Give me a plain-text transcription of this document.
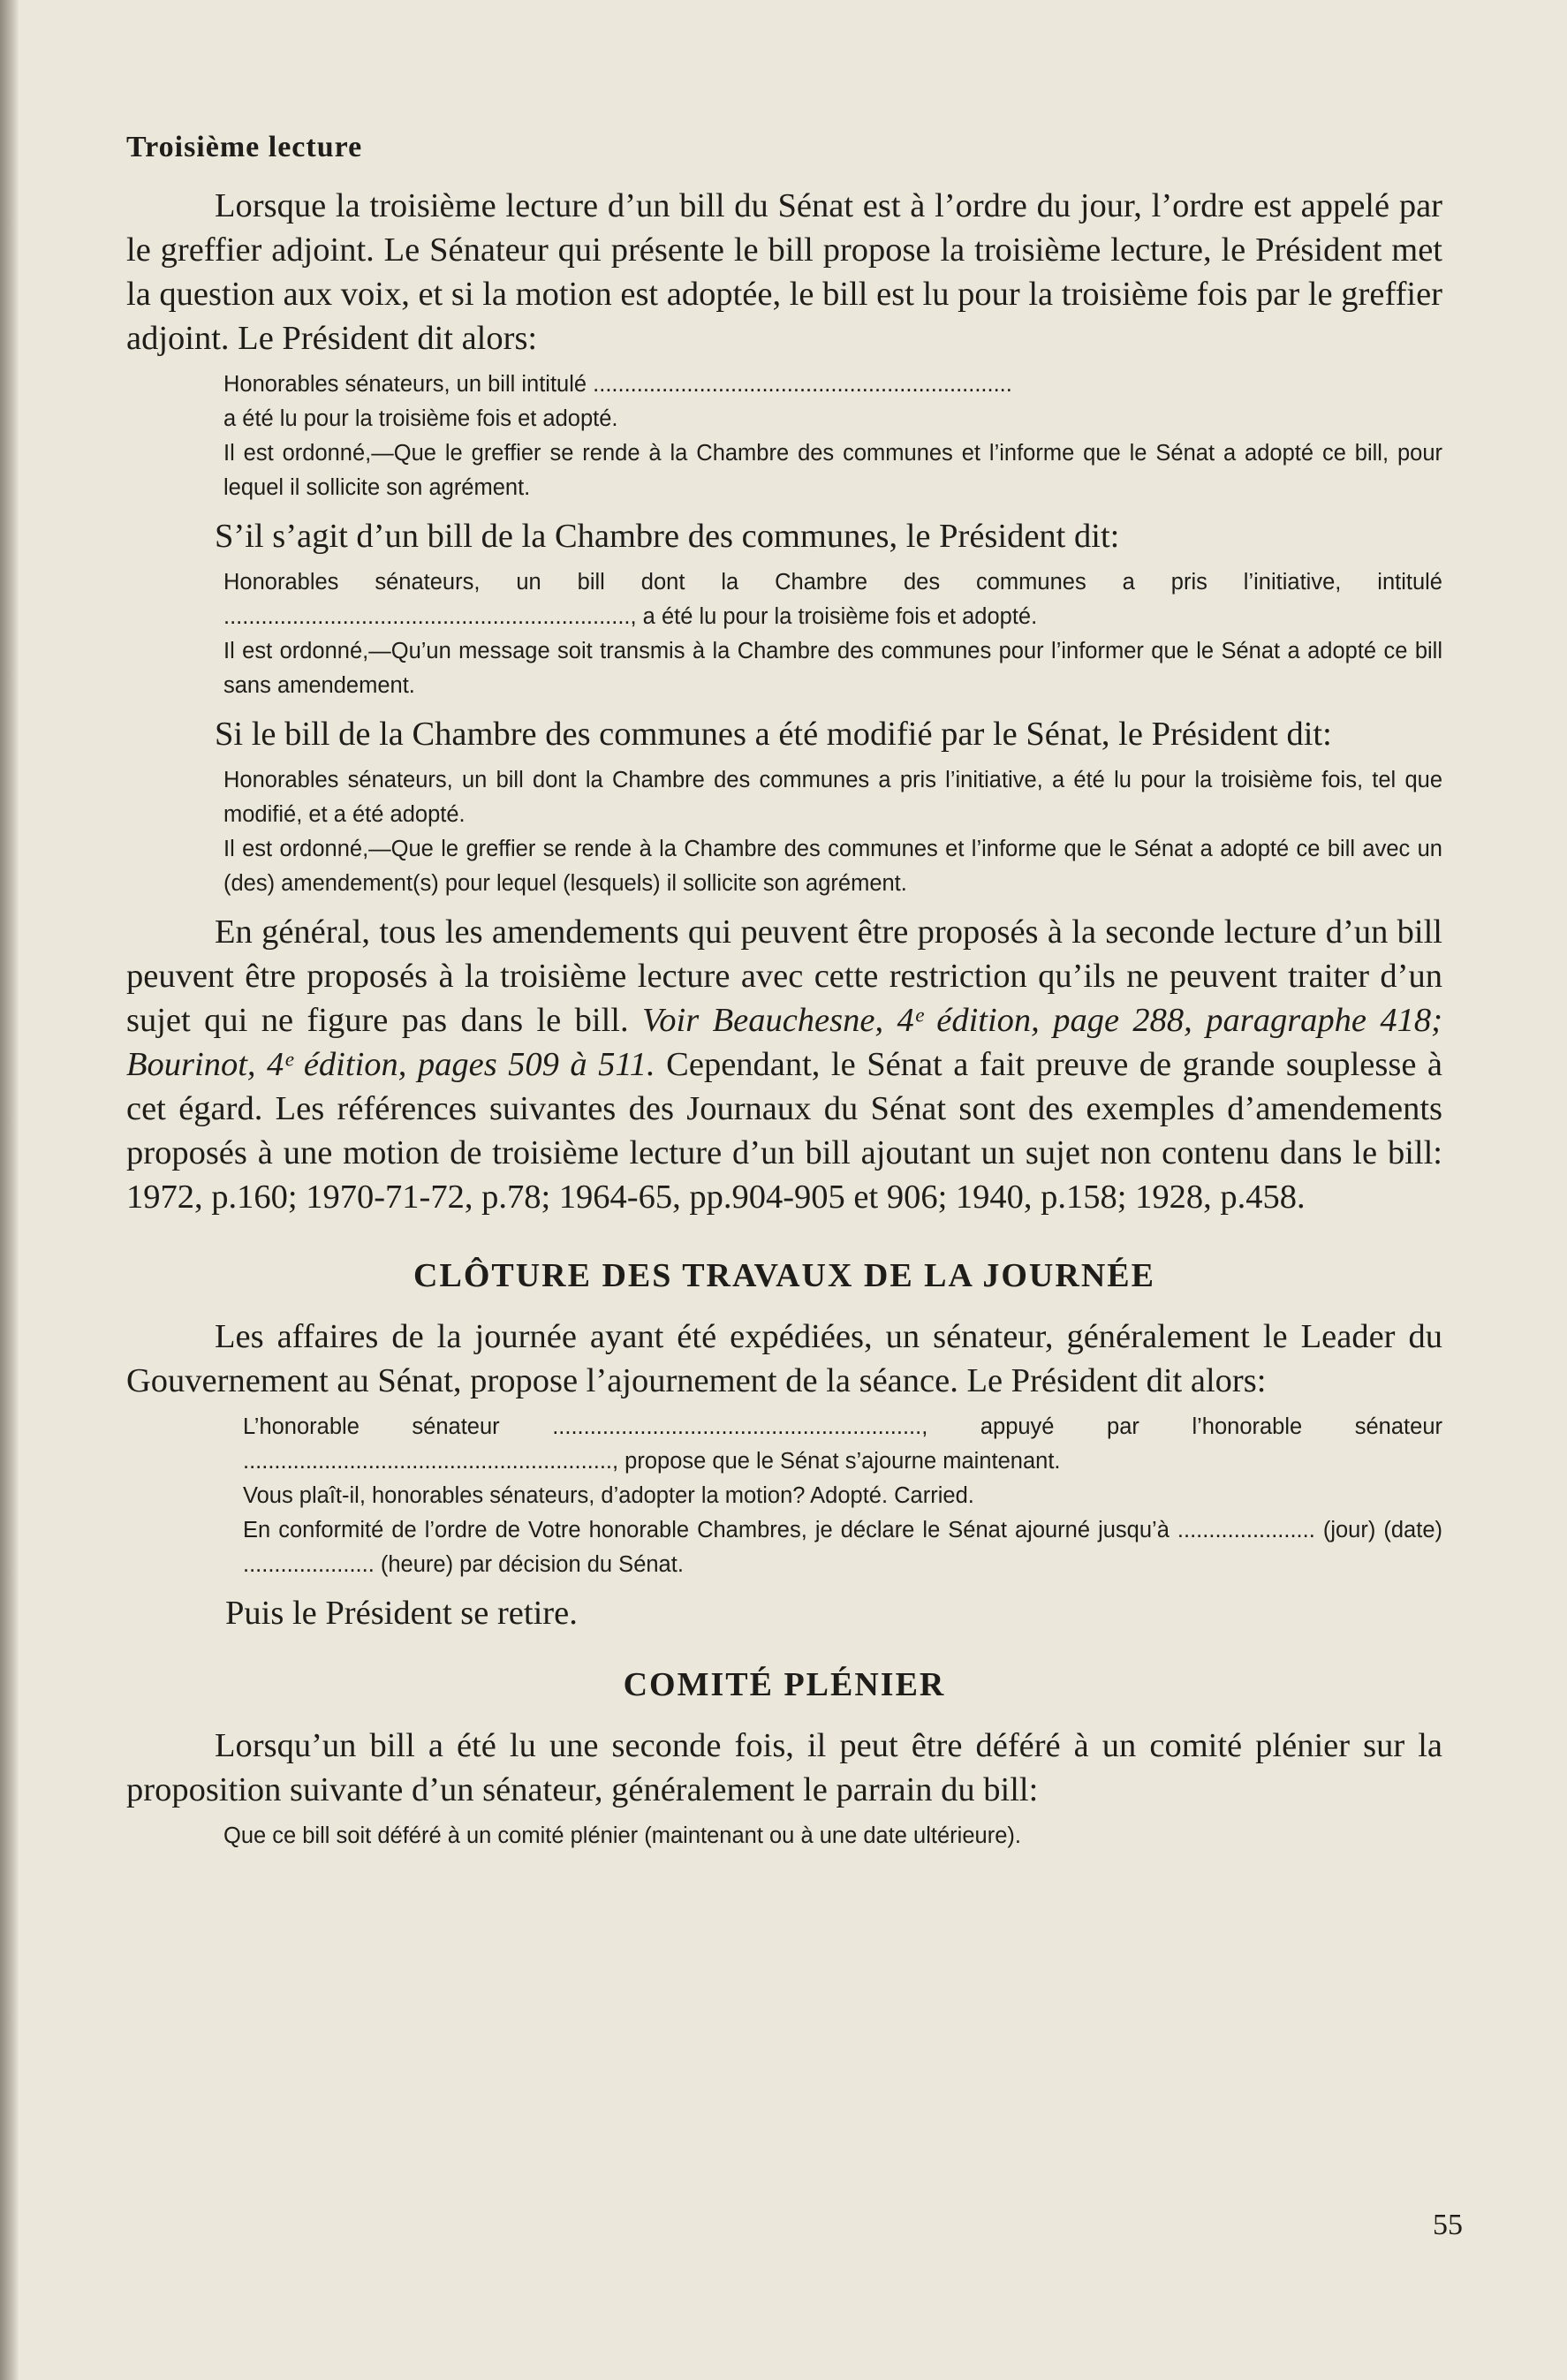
Troisième lecture

Lorsque la troisième lecture d’un bill du Sénat est à l’ordre du jour, l’ordre est appelé par le greffier adjoint. Le Sénateur qui présente le bill propose la troisième lecture, le Président met la question aux voix, et si la motion est adoptée, le bill est lu pour la troisième fois par le greffier adjoint. Le Président dit alors:

Honorables sénateurs, un bill intitulé ...................................................................
a été lu pour la troisième fois et adopté.
Il est ordonné,—Que le greffier se rende à la Chambre des communes et l’informe que le Sénat a adopté ce bill, pour lequel il sollicite son agrément.

S’il s’agit d’un bill de la Chambre des communes, le Président dit:

Honorables sénateurs, un bill dont la Chambre des communes a pris l’initiative, intitulé ................................................................., a été lu pour la troisième fois et adopté.
Il est ordonné,—Qu’un message soit transmis à la Chambre des communes pour l’informer que le Sénat a adopté ce bill sans amendement.

Si le bill de la Chambre des communes a été modifié par le Sénat, le Président dit:

Honorables sénateurs, un bill dont la Chambre des communes a pris l’initiative, a été lu pour la troisième fois, tel que modifié, et a été adopté.
Il est ordonné,—Que le greffier se rende à la Chambre des communes et l’informe que le Sénat a adopté ce bill avec un (des) amendement(s) pour lequel (lesquels) il sollicite son agrément.

En général, tous les amendements qui peuvent être proposés à la seconde lecture d’un bill peuvent être proposés à la troisième lecture avec cette restriction qu’ils ne peuvent traiter d’un sujet qui ne figure pas dans le bill. Voir Beauchesne, 4ᵉ édition, page 288, paragraphe 418; Bourinot, 4ᵉ édition, pages 509 à 511. Cependant, le Sénat a fait preuve de grande souplesse à cet égard. Les références suivantes des Journaux du Sénat sont des exemples d’amendements proposés à une motion de troisième lecture d’un bill ajoutant un sujet non contenu dans le bill: 1972, p.160; 1970-71-72, p.78; 1964-65, pp.904-905 et 906; 1940, p.158; 1928, p.458.

CLÔTURE DES TRAVAUX DE LA JOURNÉE

Les affaires de la journée ayant été expédiées, un sénateur, généralement le Leader du Gouvernement au Sénat, propose l’ajournement de la séance. Le Président dit alors:

L’honorable sénateur ..........................................................., appuyé par l’honorable sénateur ..........................................................., propose que le Sénat s’ajourne maintenant.
Vous plaît-il, honorables sénateurs, d’adopter la motion? Adopté. Carried.
En conformité de l’ordre de Votre honorable Chambres, je déclare le Sénat ajourné jusqu’à ...................... (jour) (date) ..................... (heure) par décision du Sénat.
Puis le Président se retire.
COMITÉ PLÉNIER

Lorsqu’un bill a été lu une seconde fois, il peut être déféré à un comité plénier sur la proposition suivante d’un sénateur, généralement le parrain du bill:

Que ce bill soit déféré à un comité plénier (maintenant ou à une date ultérieure).
55
